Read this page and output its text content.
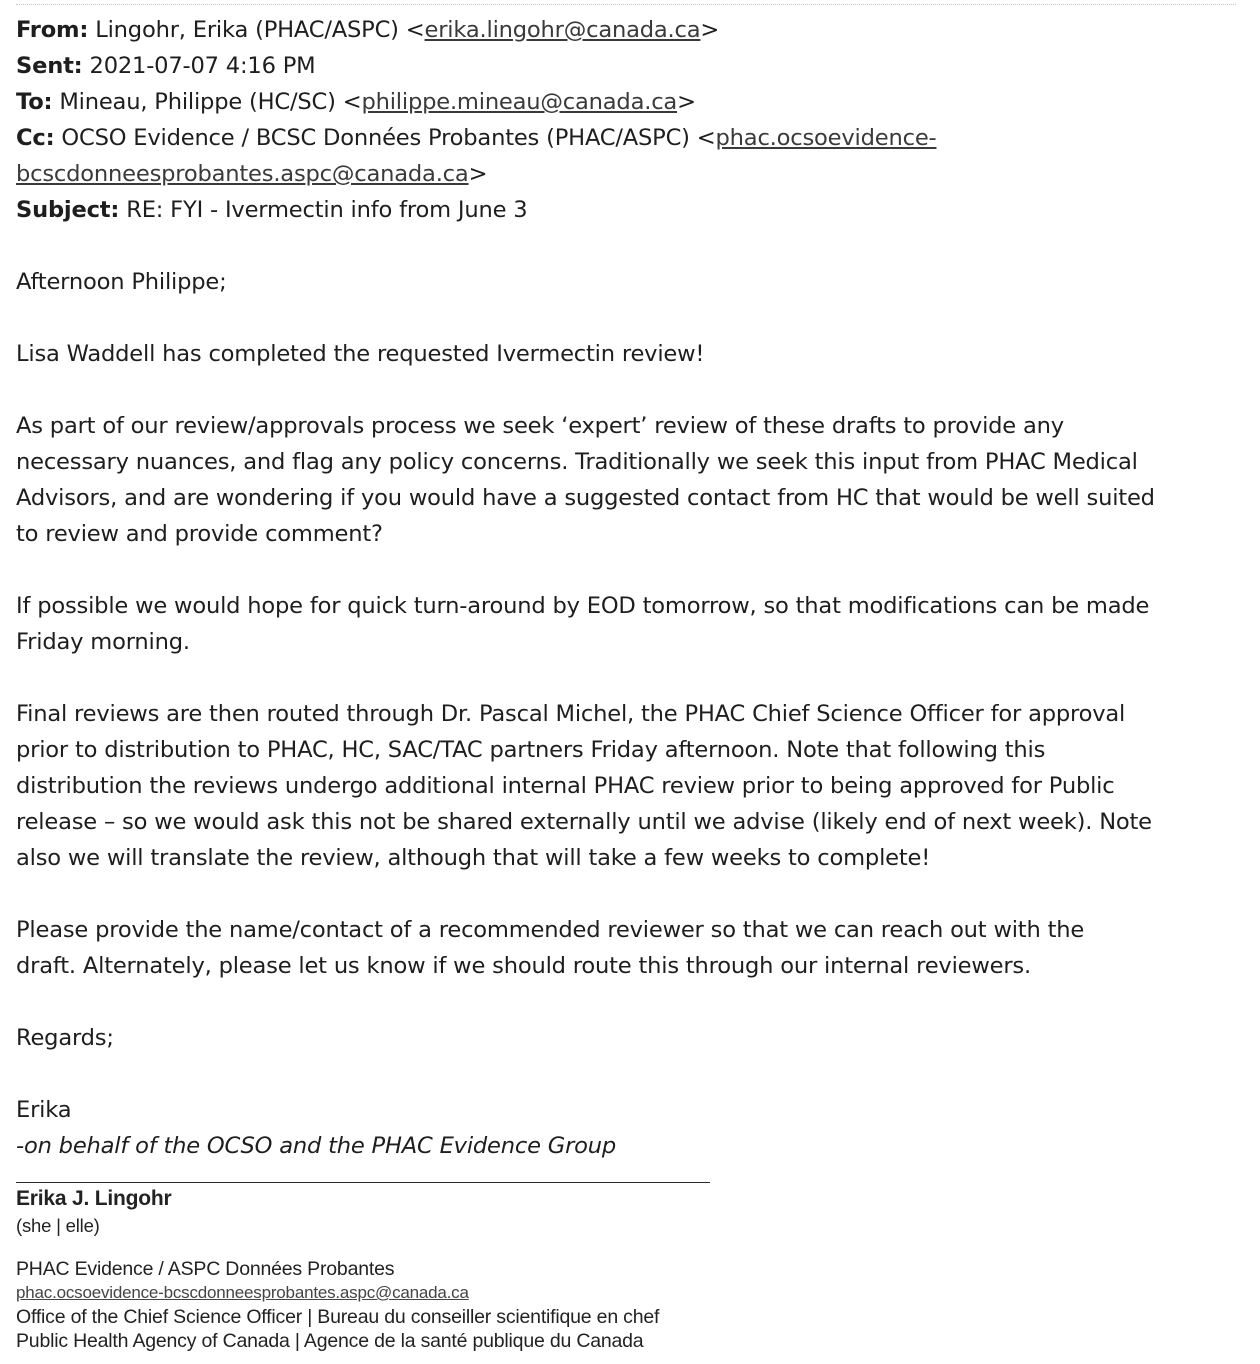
From: Lingohr, Erika (PHAC/ASPC) <erika.lingohr@canada.ca>
Sent: 2021-07-07 4:16 PM
To: Mineau, Philippe (HC/SC) <philippe.mineau@canada.ca>
Cc: OCSO Evidence / BCSC Données Probantes (PHAC/ASPC) <phac.ocsoevidence-
bcscdonneesprobantes.aspc@canada.ca>
Subject: RE: FYI - Ivermectin info from June 3

Afternoon Philippe;

Lisa Waddell has completed the requested Ivermectin review!

As part of our review/approvals process we seek ‘expert’ review of these drafts to provide any
necessary nuances, and flag any policy concerns. Traditionally we seek this input from PHAC Medical
Advisors, and are wondering if you would have a suggested contact from HC that would be well suited
to review and provide comment?
If possible we would hope for quick turn-around by EOD tomorrow, so that modifications can be made
Friday morning.
Final reviews are then routed through Dr. Pascal Michel, the PHAC Chief Science Officer for approval
prior to distribution to PHAC, HC, SAC/TAC partners Friday afternoon. Note that following this
distribution the reviews undergo additional internal PHAC review prior to being approved for Public
release – so we would ask this not be shared externally until we advise (likely end of next week). Note
also we will translate the review, although that will take a few weeks to complete!
Please provide the name/contact of a recommended reviewer so that we can reach out with the
draft. Alternately, please let us know if we should route this through our internal reviewers.

Regards;

Erika

-on behalf of the OCSO and the PHAC Evidence Group

Erika J. Lingohr
(she | elle)
PHAC Evidence / ASPC Données Probantes
phac.ocsoevidence-bcscdonneesprobantes.aspc@canada.ca
Office of the Chief Science Officer | Bureau du conseiller scientifique en chef
Public Health Agency of Canada | Agence de la santé publique du Canada
